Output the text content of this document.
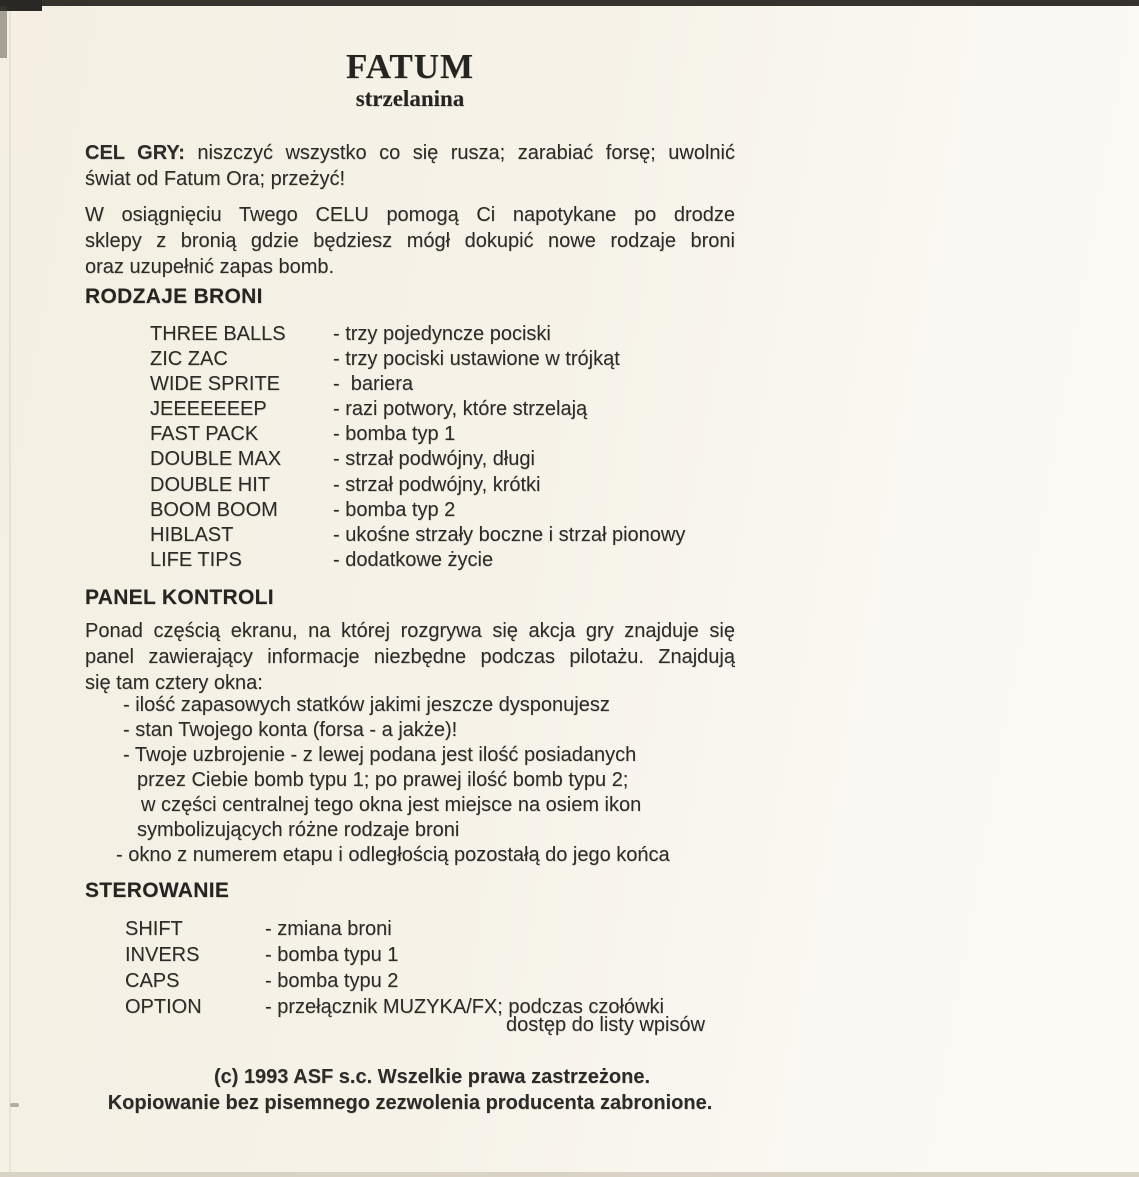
FATUM
strzelanina
CEL GRY: niszczyć wszystko co się rusza; zarabiać forsę; uwolnić
świat od Fatum Ora; przeżyć!
W osiągnięciu Twego CELU pomogą Ci napotykane po drodze
sklepy z bronią gdzie będziesz mógł dokupić nowe rodzaje broni
oraz uzupełnić zapas bomb.
RODZAJE BRONI
THREE BALLS	- trzy pojedyncze pociski
ZIC ZAC	- trzy pociski ustawione w trójkąt
WIDE SPRITE	-  bariera
JEEEEEEEP	- razi potwory, które strzelają
FAST PACK	- bomba typ 1
DOUBLE MAX	- strzał podwójny, długi
DOUBLE HIT	- strzał podwójny, krótki
BOOM BOOM	- bomba typ 2
HIBLAST	- ukośne strzały boczne i strzał pionowy
LIFE TIPS	- dodatkowe życie
PANEL KONTROLI
Ponad częścią ekranu, na której rozgrywa się akcja gry znajduje się
panel zawierający informacje niezbędne podczas pilotażu. Znajdują
się tam cztery okna:
- ilość zapasowych statków jakimi jeszcze dysponujesz
- stan Twojego konta (forsa - a jakże)!
- Twoje uzbrojenie - z lewej podana jest ilość posiadanych
przez Ciebie bomb typu 1; po prawej ilość bomb typu 2;
w części centralnej tego okna jest miejsce na osiem ikon
symbolizujących różne rodzaje broni
- okno z numerem etapu i odległością pozostałą do jego końca
STEROWANIE
SHIFT	- zmiana broni
INVERS	- bomba typu 1
CAPS	- bomba typu 2
OPTION	- przełącznik MUZYKA/FX; podczas czołówki
dostęp do listy wpisów
(c) 1993 ASF s.c. Wszelkie prawa zastrzeżone.
Kopiowanie bez pisemnego zezwolenia producenta zabronione.
